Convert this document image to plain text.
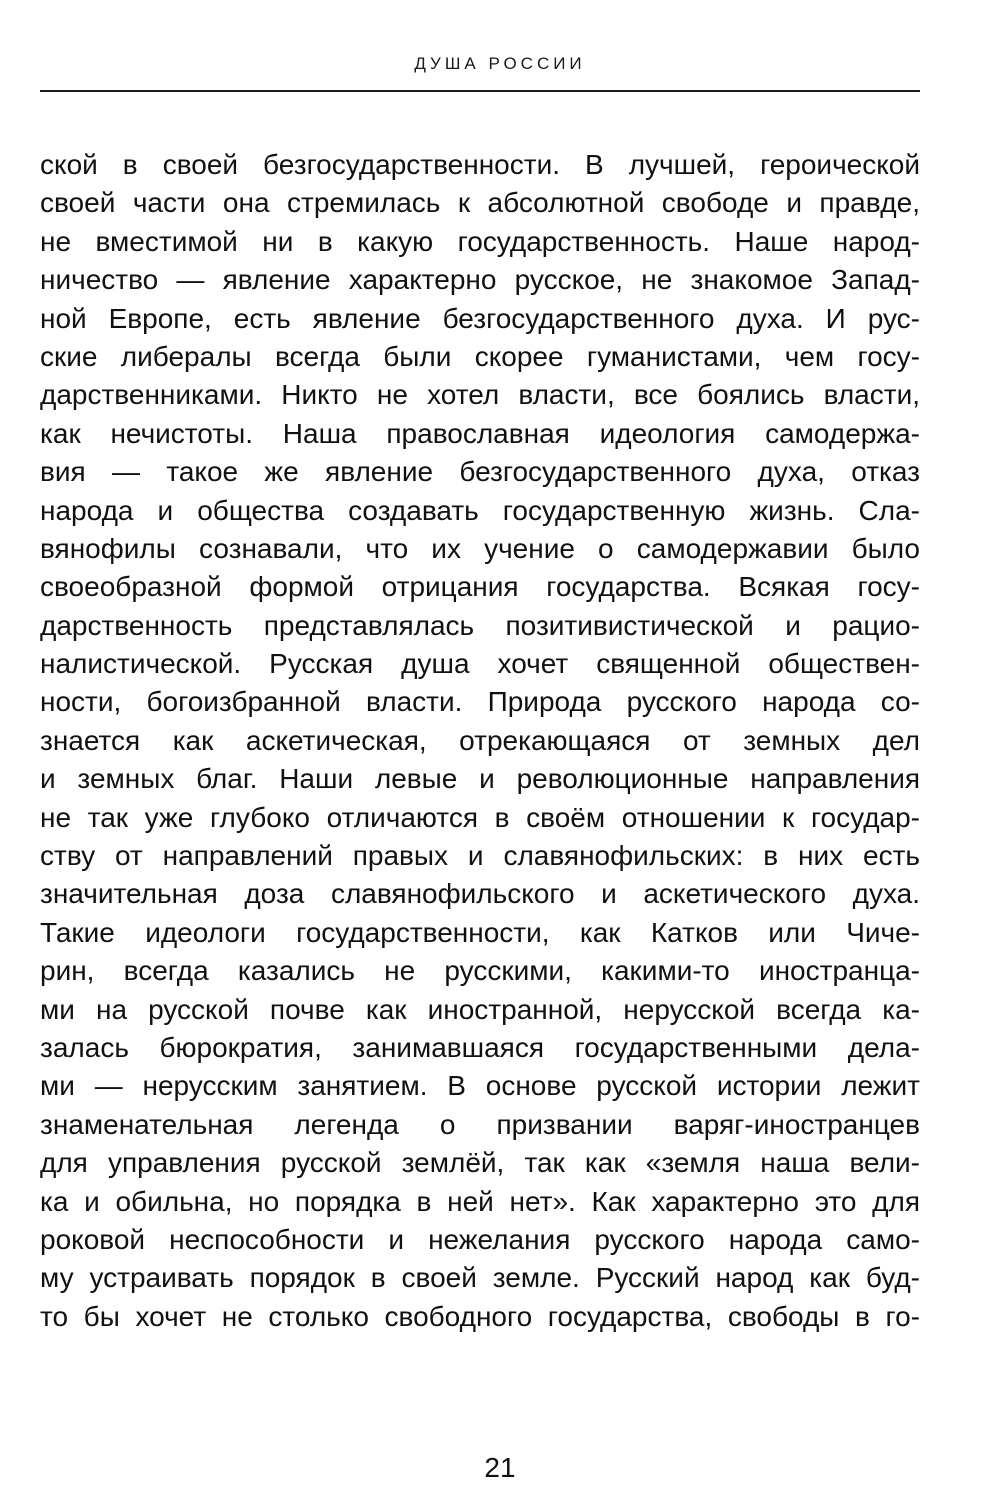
ДУША РОССИИ
ской в своей безгосударственности. В лучшей, героической
своей части она стремилась к абсолютной свободе и правде,
не вместимой ни в какую государственность. Наше народ-
ничество — явление характерно русское, не знакомое Запад-
ной Европе, есть явление безгосударственного духа. И рус-
ские либералы всегда были скорее гуманистами, чем госу-
дарственниками. Никто не хотел власти, все боялись власти,
как нечистоты. Наша православная идеология самодержа-
вия — такое же явление безгосударственного духа, отказ
народа и общества создавать государственную жизнь. Сла-
вянофилы сознавали, что их учение о самодержавии было
своеобразной формой отрицания государства. Всякая госу-
дарственность представлялась позитивистической и рацио-
налистической. Русская душа хочет священной обществен-
ности, богоизбранной власти. Природа русского народа со-
знается как аскетическая, отрекающаяся от земных дел
и земных благ. Наши левые и революционные направления
не так уже глубоко отличаются в своём отношении к государ-
ству от направлений правых и славянофильских: в них есть
значительная доза славянофильского и аскетического духа.
Такие идеологи государственности, как Катков или Чиче-
рин, всегда казались не русскими, какими-то иностранца-
ми на русской почве как иностранной, нерусской всегда ка-
залась бюрократия, занимавшаяся государственными дела-
ми — нерусским занятием. В основе русской истории лежит
знаменательная легенда о призвании варяг-иностранцев
для управления русской землёй, так как «земля наша вели-
ка и обильна, но порядка в ней нет». Как характерно это для
роковой неспособности и нежелания русского народа само-
му устраивать порядок в своей земле. Русский народ как буд-
то бы хочет не столько свободного государства, свободы в го-
21
